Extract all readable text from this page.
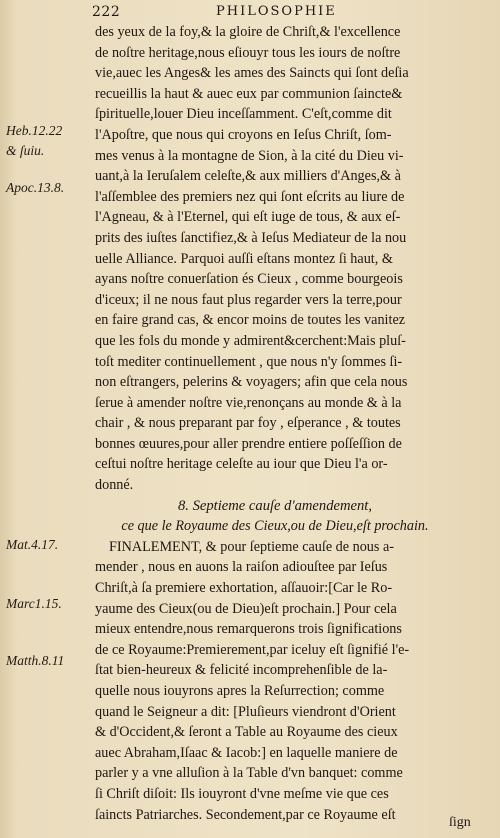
222	PHILOSOPHIE
Heb.12.22
& ſuiu.
Apoc.13.8.
Mat.4.17.
Marc1.15.
Matth.8.11
des yeux de la foy,& la gloire de Chriſt,& l'excellence
de noſtre heritage,nous eſiouyr tous les iours de noſtre
vie,auec les Anges& les ames des Saincts qui ſont deſia
recueillis la haut & auec eux par communion ſaincte&
ſpirituelle,louer Dieu inceſſamment. C'eſt,comme dit
l'Apoſtre, que nous qui croyons en Ieſus Chriſt, ſom-
mes venus à la montagne de Sion, à la cité du Dieu vi-
uant,à la Ieruſalem celeſte,& aux milliers d'Anges,& à
l'aſſemblee des premiers nez qui ſont eſcrits au liure de
l'Agneau, & à l'Eternel, qui eſt iuge de tous, & aux eſ-
prits des iuſtes ſanctifiez,& à Ieſus Mediateur de la nou
uelle Alliance. Parquoi auſſi eſtans montez ſi haut, &
ayans noſtre conuerſation és Cieux , comme bourgeois
d'iceux; il ne nous faut plus regarder vers la terre,pour
en faire grand cas, & encor moins de toutes les vanitez
que les fols du monde y admirent&cerchent:Mais pluſ-
toſt mediter continuellement , que nous n'y ſommes ſi-
non eſtrangers, pelerins & voyagers; afin que cela nous
ſerue à amender noſtre vie,renonçans au monde & à la
chair , & nous preparant par foy , eſperance , & toutes
bonnes œuures,pour aller prendre entiere poſſeſſion de
ceſtui noſtre heritage celeſte au iour que Dieu l'a or-
donné.
8. Septieme cauſe d'amendement,
ce que le Royaume des Cieux,ou de Dieu,eſt prochain.
FINALEMENT, & pour ſeptieme cauſe de nous a-
mender , nous en auons la raiſon adiouſtee par Ieſus
Chriſt,à ſa premiere exhortation, aſſauoir:[Car le Ro-
yaume des Cieux(ou de Dieu)eſt prochain.] Pour cela
mieux entendre,nous remarquerons trois ſignifications
de ce Royaume:Premierement,par iceluy eſt ſignifié l'e-
ſtat bien-heureux & felicité incomprehenſible de la-
quelle nous iouyrons apres la Reſurrection; comme
quand le Seigneur a dit: [Pluſieurs viendront d'Orient
& d'Occident,& ſeront a Table au Royaume des cieux
auec Abraham,Iſaac & Iacob:] en laquelle maniere de
parler y a vne alluſion à la Table d'vn banquet: comme
ſi Chriſt diſoit: Ils iouyront d'vne meſme vie que ces
ſaincts Patriarches. Secondement,par ce Royaume eſt	ſign
